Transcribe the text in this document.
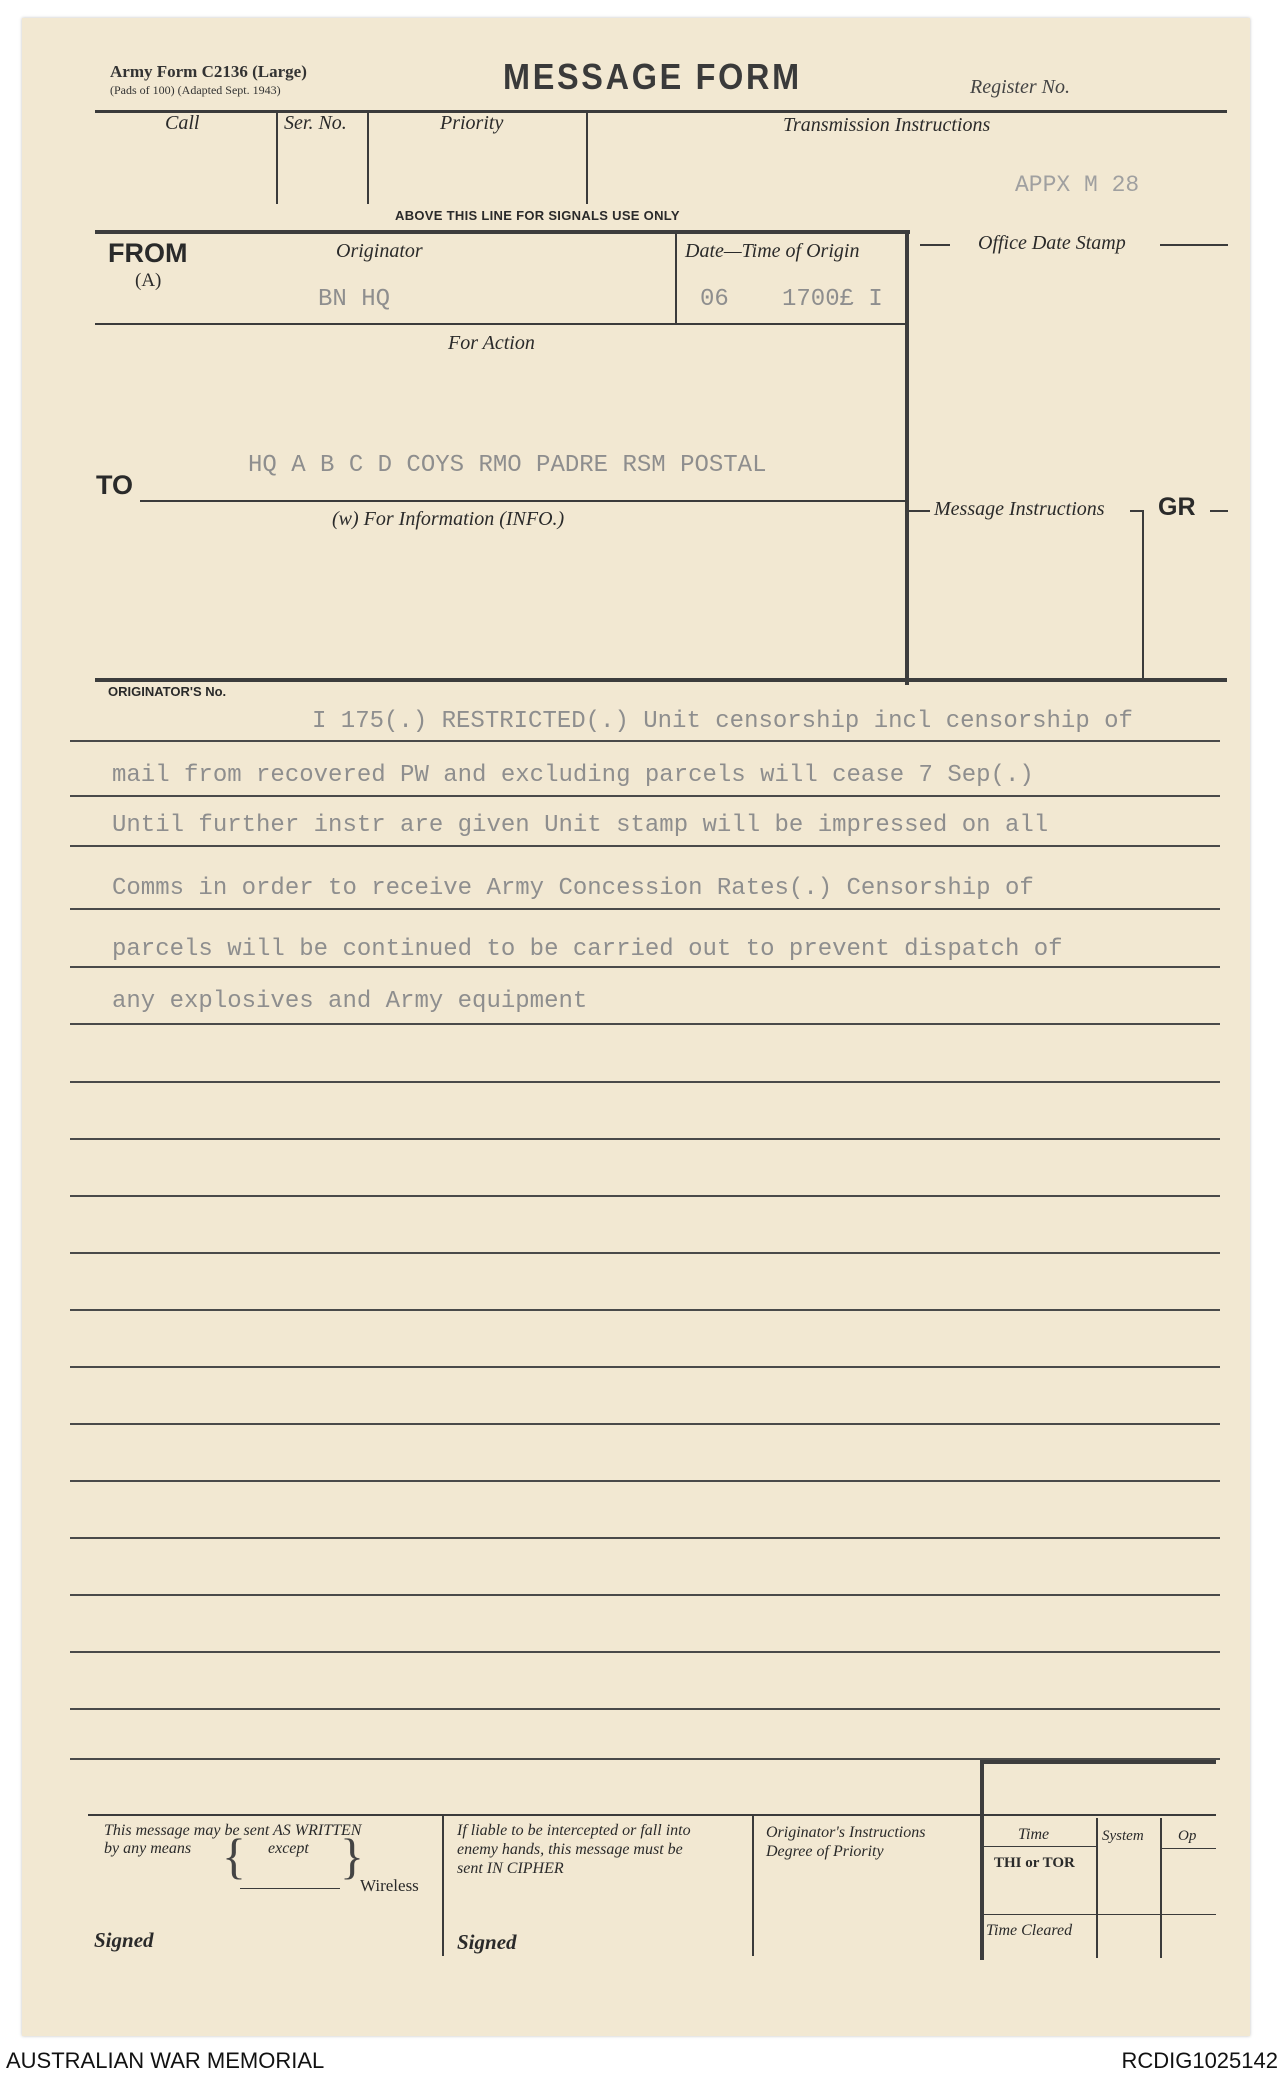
Army Form C2136 (Large)
(Pads of 100) (Adapted Sept. 1943)	MESSAGE FORM	Register No.
Call	Ser. No.	Priority	Transmission Instructions
APPX M 28
ABOVE THIS LINE FOR SIGNALS USE ONLY
FROM
(A)
Originator
BN HQ
Date—Time of Origin
06 1700£ I
Office Date Stamp
For Action
HQ A B C D COYS RMO PADRE RSM POSTAL
TO
(w) For Information (INFO.)	Message Instructions GR
ORIGINATOR'S No.
I 175(.) RESTRICTED(.) Unit censorship incl censorship of
mail from recovered PW and excluding parcels will cease 7 Sep(.)
Until further instr are given Unit stamp will be impressed on all
Comms in order to receive Army Concession Rates(.) Censorship of
parcels will be continued to be carried out to prevent dispatch of
any explosives and Army equipment
This message may be sent AS WRITTEN
by any means { except }
Wireless
Signed
If liable to be intercepted or fall into
enemy hands, this message must be
sent IN CIPHER
Signed
Originator's Instructions
Degree of Priority
Time
THI or TOR
System Op
Time Cleared
AUSTRALIAN WAR MEMORIAL	RCDIG1025142
